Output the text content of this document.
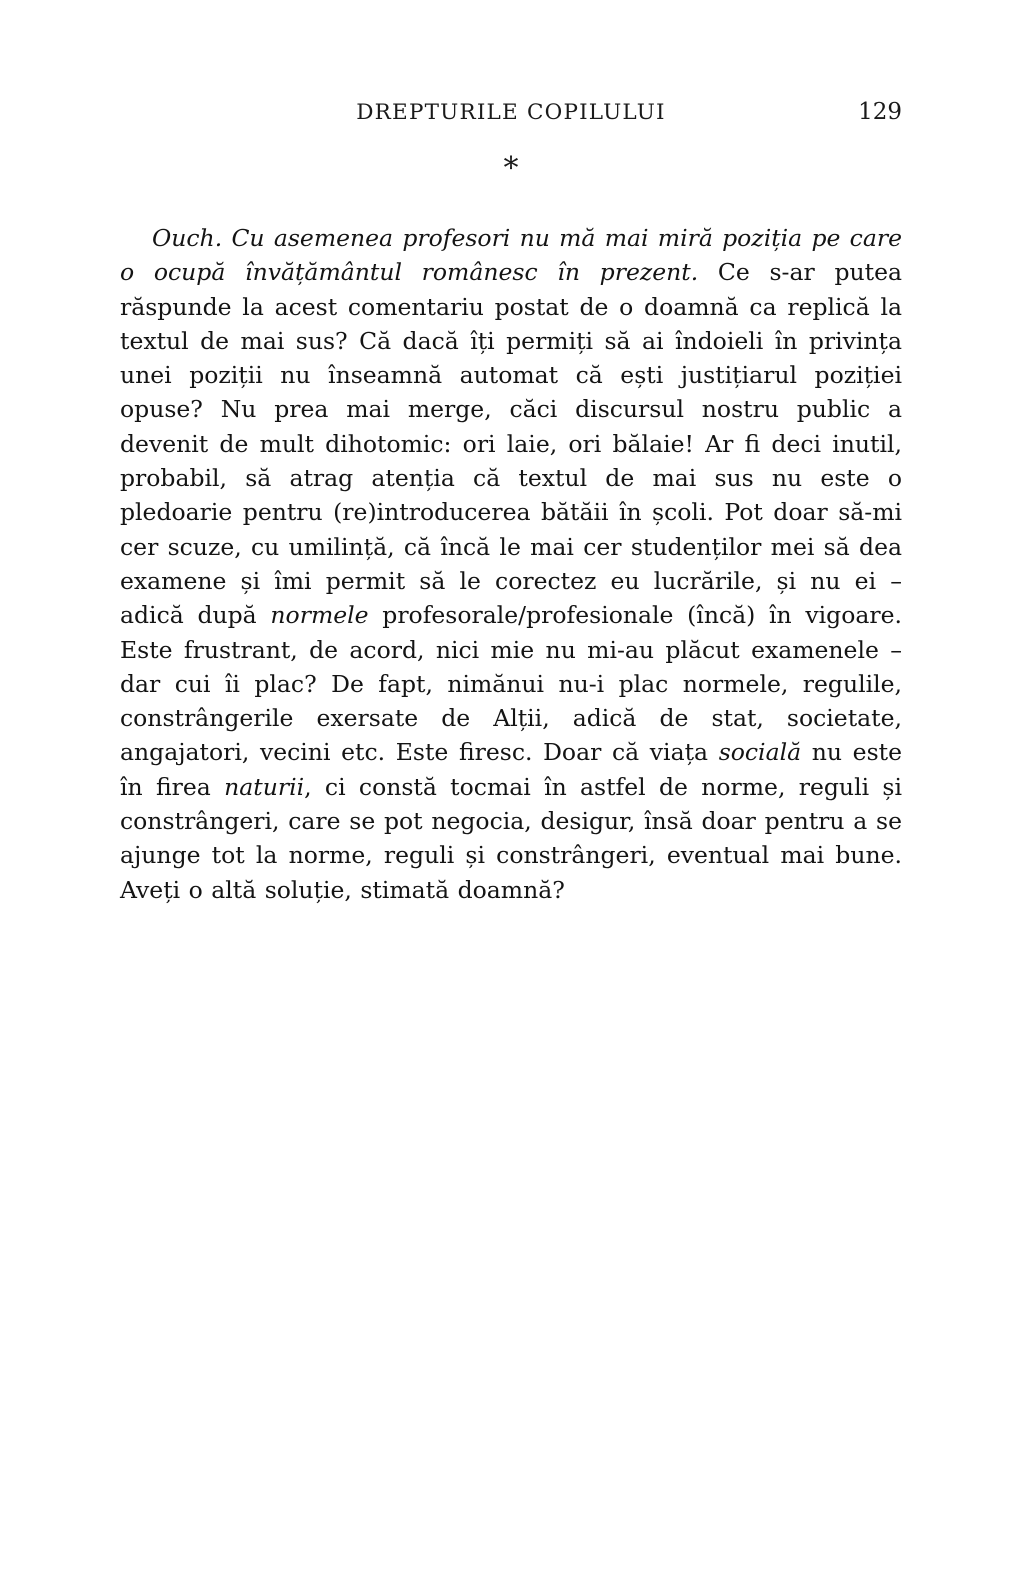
DREPTURILE COPILULUI	129
*

Ouch. Cu asemenea profesori nu mă mai miră poziția pe care o ocupă învățământul românesc în prezent. Ce s-ar putea răspunde la acest comentariu postat de o doamnă ca replică la textul de mai sus? Că dacă îți permiți să ai îndoieli în privința unei poziții nu înseamnă automat că ești justițiarul poziției opuse? Nu prea mai merge, căci discursul nostru public a devenit de mult dihotomic: ori laie, ori bălaie! Ar fi deci inutil, probabil, să atrag atenția că textul de mai sus nu este o pledoarie pentru (re)introducerea bătăii în școli. Pot doar să-mi cer scuze, cu umilință, că încă le mai cer studenților mei să dea examene și îmi permit să le corectez eu lucrările, și nu ei – adică după normele profesorale/profesionale (încă) în vigoare. Este frustrant, de acord, nici mie nu mi-au plăcut examenele – dar cui îi plac? De fapt, nimănui nu-i plac normele, regulile, constrângerile exersate de Alții, adică de stat, societate, angajatori, vecini etc. Este firesc. Doar că viața socială nu este în firea naturii, ci constă tocmai în astfel de norme, reguli și constrângeri, care se pot negocia, desigur, însă doar pentru a se ajunge tot la norme, reguli și constrângeri, eventual mai bune. Aveți o altă soluție, stimată doamnă?
